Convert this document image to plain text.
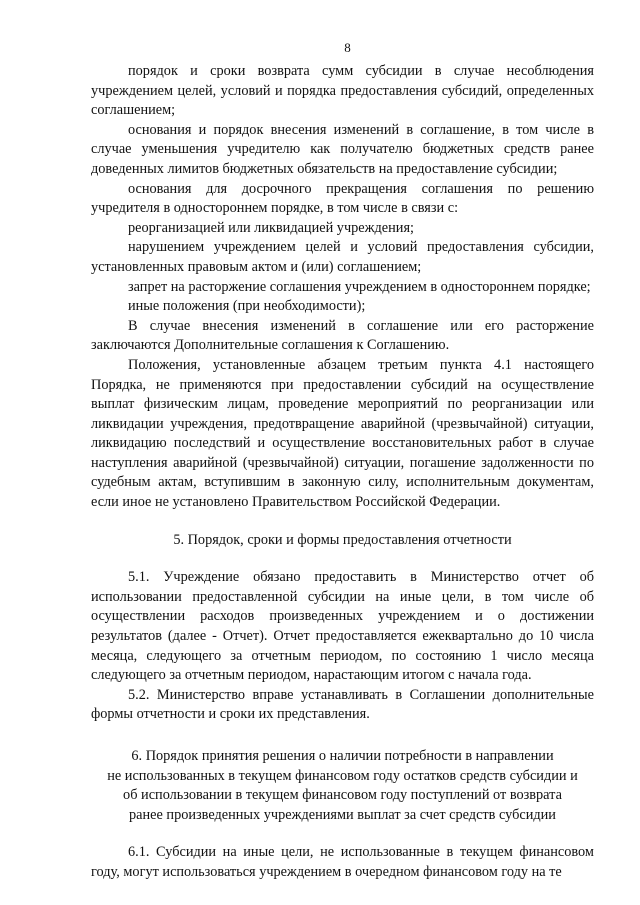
8

порядок и сроки возврата сумм субсидии в случае несоблюдения учреждением целей, условий и порядка предоставления субсидий, определенных соглашением;

основания и порядок внесения изменений в соглашение, в том числе в случае уменьшения учредителю как получателю бюджетных средств ранее доведенных лимитов бюджетных обязательств на предоставление субсидии;

основания для досрочного прекращения соглашения по решению учредителя в одностороннем порядке, в том числе в связи с:

реорганизацией или ликвидацией учреждения;

нарушением учреждением целей и условий предоставления субсидии, установленных правовым актом и (или) соглашением;

запрет на расторжение соглашения учреждением в одностороннем порядке;

иные положения (при необходимости);

В случае внесения изменений в соглашение или его расторжение заключаются Дополнительные соглашения к Соглашению.

Положения, установленные абзацем третьим пункта 4.1 настоящего Порядка, не применяются при предоставлении субсидий на осуществление выплат физическим лицам, проведение мероприятий по реорганизации или ликвидации учреждения, предотвращение аварийной (чрезвычайной) ситуации, ликвидацию последствий и осуществление восстановительных работ в случае наступления аварийной (чрезвычайной) ситуации, погашение задолженности по судебным актам, вступившим в законную силу, исполнительным документам, если иное не установлено Правительством Российской Федерации.

5. Порядок, сроки и формы предоставления отчетности

5.1. Учреждение обязано предоставить в Министерство отчет об использовании предоставленной субсидии на иные цели, в том числе об осуществлении расходов произведенных учреждением и о достижении результатов (далее - Отчет). Отчет предоставляется ежеквартально до 10 числа месяца, следующего за отчетным периодом, по состоянию 1 число месяца следующего за отчетным периодом, нарастающим итогом с начала года.

5.2. Министерство вправе устанавливать в Соглашении дополнительные формы отчетности и сроки их представления.

6. Порядок принятия решения о наличии потребности в направлении
не использованных в текущем финансовом году остатков средств субсидии и
об использовании в текущем финансовом году поступлений от возврата
ранее произведенных учреждениями выплат за счет средств субсидии

6.1. Субсидии на иные цели, не использованные в текущем финансовом году, могут использоваться учреждением в очередном финансовом году на те
